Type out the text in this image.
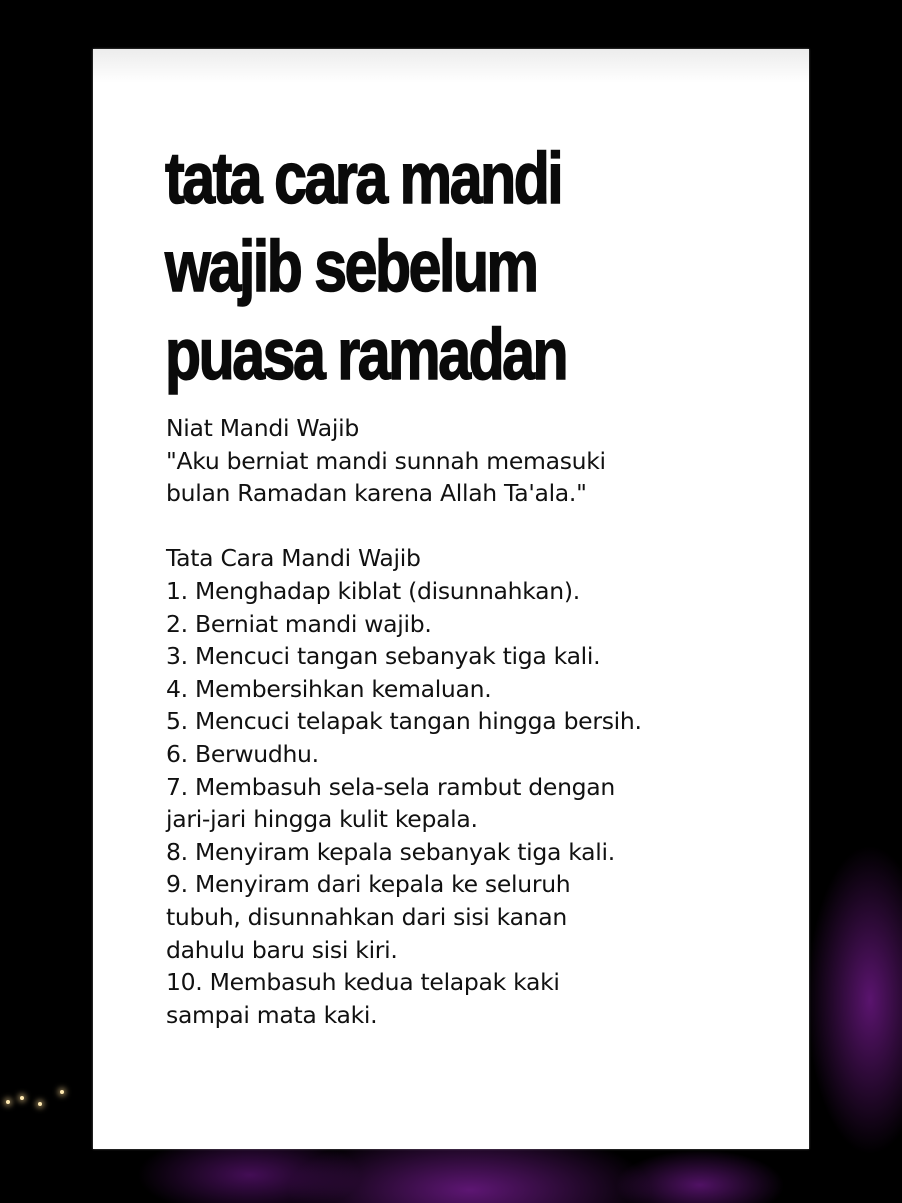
tata cara mandi
wajib sebelum
puasa ramadan
Niat Mandi Wajib
"Aku berniat mandi sunnah memasuki
bulan Ramadan karena Allah Ta'ala."
Tata Cara Mandi Wajib
1. Menghadap kiblat (disunnahkan).
2. Berniat mandi wajib.
3. Mencuci tangan sebanyak tiga kali.
4. Membersihkan kemaluan.
5. Mencuci telapak tangan hingga bersih.
6. Berwudhu.
7. Membasuh sela-sela rambut dengan
jari-jari hingga kulit kepala.
8. Menyiram kepala sebanyak tiga kali.
9. Menyiram dari kepala ke seluruh
tubuh, disunnahkan dari sisi kanan
dahulu baru sisi kiri.
10. Membasuh kedua telapak kaki
sampai mata kaki.
